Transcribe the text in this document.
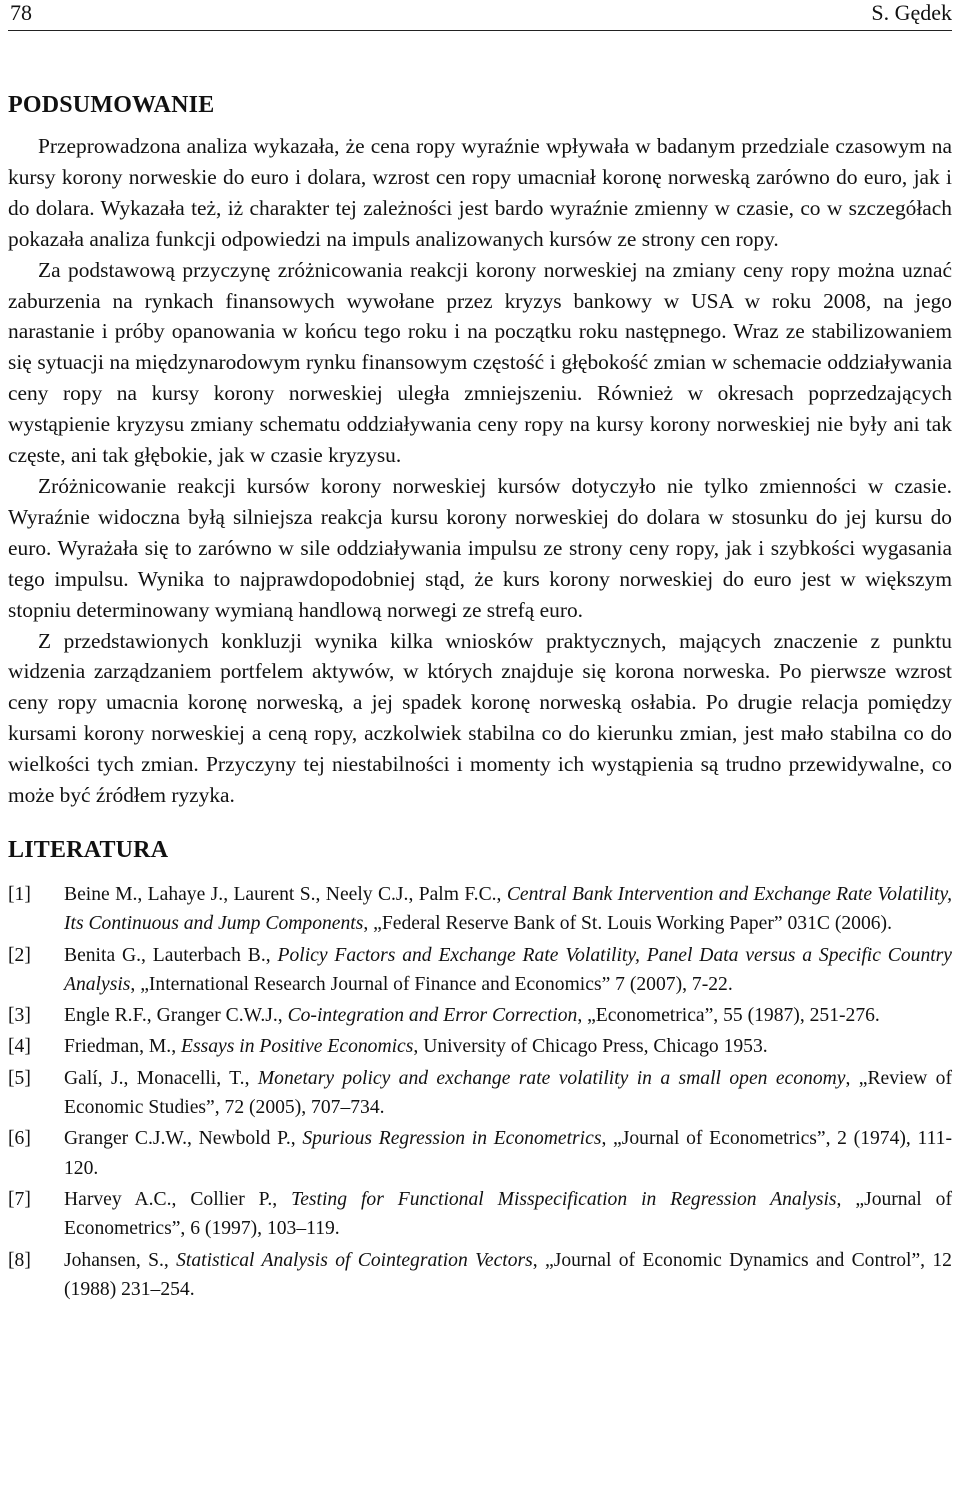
78	S. Gędek
PODSUMOWANIE

Przeprowadzona analiza wykazała, że cena ropy wyraźnie wpływała w badanym przedziale czasowym na kursy korony norweskie do euro i dolara, wzrost cen ropy umacniał koronę norweską zarówno do euro, jak i do dolara. Wykazała też, iż charakter tej zależności jest bardo wyraźnie zmienny w czasie, co w szczegółach pokazała analiza funkcji odpowiedzi na impuls analizowanych kursów ze strony cen ropy.

Za podstawową przyczynę zróżnicowania reakcji korony norweskiej na zmiany ceny ropy można uznać zaburzenia na rynkach finansowych wywołane przez kryzys bankowy w USA w roku 2008, na jego narastanie i próby opanowania w końcu tego roku i na początku roku następnego. Wraz ze stabilizowaniem się sytuacji na międzynarodowym rynku finansowym częstość i głębokość zmian w schemacie oddziaływania ceny ropy na kursy korony norweskiej uległa zmniejszeniu. Również w okresach poprzedzających wystąpienie kryzysu zmiany schematu oddziaływania ceny ropy na kursy korony norweskiej nie były ani tak częste, ani tak głębokie, jak w czasie kryzysu.

Zróżnicowanie reakcji kursów korony norweskiej kursów dotyczyło nie tylko zmienności w czasie. Wyraźnie widoczna byłą silniejsza reakcja kursu korony norweskiej do dolara w stosunku do jej kursu do euro. Wyrażała się to zarówno w sile oddziaływania impulsu ze strony ceny ropy, jak i szybkości wygasania tego impulsu. Wynika to najprawdopodobniej stąd, że kurs korony norweskiej do euro jest w większym stopniu determinowany wymianą handlową norwegi ze strefą euro.

Z przedstawionych konkluzji wynika kilka wniosków praktycznych, mających znaczenie z punktu widzenia zarządzaniem portfelem aktywów, w których znajduje się korona norweska. Po pierwsze wzrost ceny ropy umacnia koronę norweską, a jej spadek koronę norweską osłabia. Po drugie relacja pomiędzy kursami korony norweskiej a ceną ropy, aczkolwiek stabilna co do kierunku zmian, jest mało stabilna co do wielkości tych zmian. Przyczyny tej niestabilności i momenty ich wystąpienia są trudno przewidywalne, co może być źródłem ryzyka.

LITERATURA
[1] Beine M., Lahaye J., Laurent S., Neely C.J., Palm F.C., Central Bank Intervention and Exchange Rate Volatility, Its Continuous and Jump Components, „Federal Reserve Bank of St. Louis Working Paper” 031C (2006).
[2] Benita G., Lauterbach B., Policy Factors and Exchange Rate Volatility, Panel Data versus a Specific Country Analysis, „International Research Journal of Finance and Economics” 7 (2007), 7-22.
[3] Engle R.F., Granger C.W.J., Co-integration and Error Correction, „Econometrica”, 55 (1987), 251-276.
[4] Friedman, M., Essays in Positive Economics, University of Chicago Press, Chicago 1953.
[5] Galí, J., Monacelli, T., Monetary policy and exchange rate volatility in a small open economy, „Review of Economic Studies”, 72 (2005), 707–734.
[6] Granger C.J.W., Newbold P., Spurious Regression in Econometrics, „Journal of Econometrics”, 2 (1974), 111-120.
[7] Harvey A.C., Collier P., Testing for Functional Misspecification in Regression Analysis, „Journal of Econometrics”, 6 (1997), 103–119.
[8] Johansen, S., Statistical Analysis of Cointegration Vectors, „Journal of Economic Dynamics and Control”, 12 (1988) 231–254.
